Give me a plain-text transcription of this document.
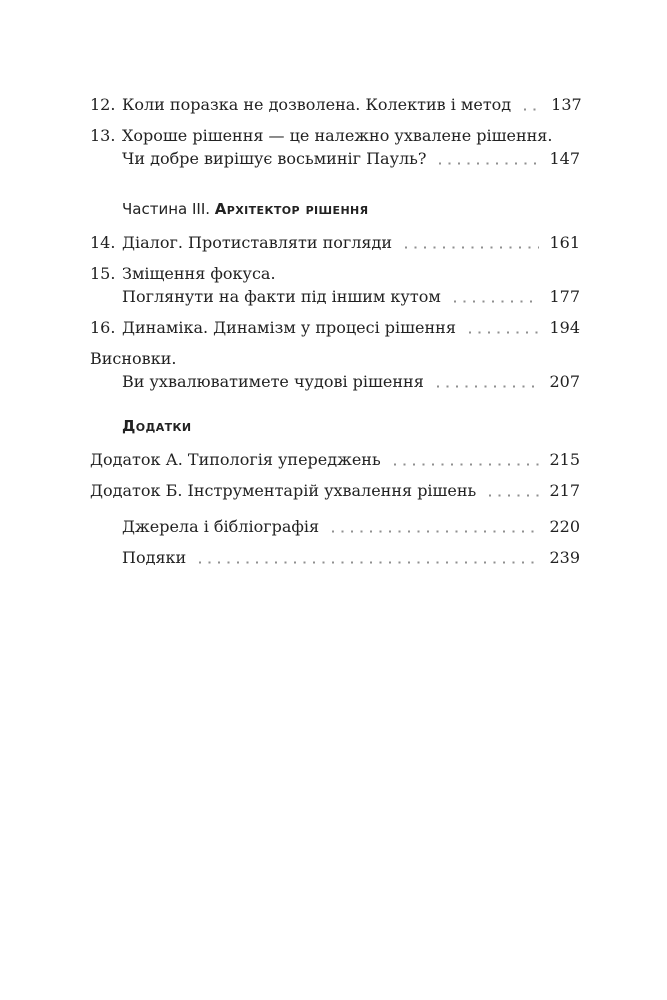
12. Коли поразка не дозволена. Колектив і метод	137
13. Хороше рішення — це належно ухвалене рішення.
Чи добре вирішує восьминіг Пауль?	147
Частина III. Архітектор рішення
14. Діалог. Протиставляти погляди	161
15. Зміщення фокуса.
Поглянути на факти під іншим кутом	177
16. Динаміка. Динамізм у процесі рішення	194
Висновки.
Ви ухвалюватимете чудові рішення	207
Додатки
Додаток А. Типологія упереджень	215
Додаток Б. Інструментарій ухвалення рішень	217
Джерела і бібліографія	220
Подяки	239
